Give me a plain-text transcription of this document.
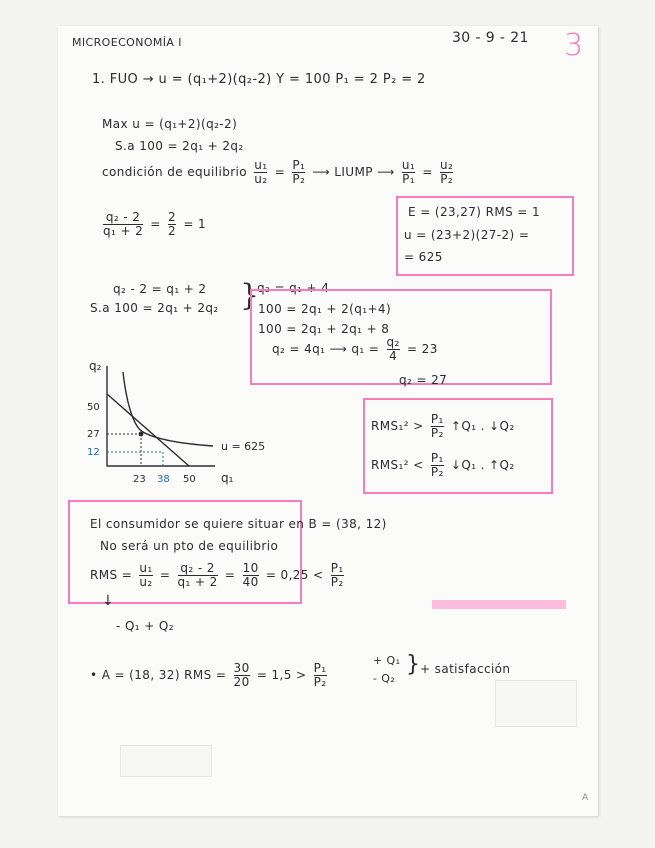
MICROECONOMÍA I	30 - 9 - 21 3
1. FUO → u = (q₁+2)(q₂-2) Y = 100 P₁ = 2 P₂ = 2
Max u = (q₁+2)(q₂-2)
S.a 100 = 2q₁ + 2q₂
condición de equilibrio $\frac{\text{u₁}}{\text{u₂}} = \frac{\text{P₁}}{\text{P₂}}$ ⟶ LIUMP ⟶ $\frac{\text{u₁}}{\text{P₁}} = \frac{\text{u₂}}{\text{P₂}}$
$\frac{\text{q₂ - 2}}{\text{q₁ + 2}} = \frac{2}{2} = 1$
E = (23,27) RMS = 1
u = (23+2)(27-2) =
= 625
q₂ - 2 = q₁ + 2
S.a 100 = 2q₁ + 2q₂ }
q₂ = q₁ + 4
100 = 2q₁ + 2(q₁+4)
100 = 2q₁ + 2q₁ + 8
q₂ = 4q₁ ⟶ $q_1 = \frac{\text{q₂}}{4} = 23$
q₂ = 27
q₂
q₁
50
27
12
23 38 50
u = 625
$RMS_1^2 > \frac{\text{P₁}}{\text{P₂}}$ ↑Q₁ . ↓Q₂
$RMS_1^2 < \frac{\text{P₁}}{\text{P₂}}$ ↓Q₁ . ↑Q₂
El consumidor se quiere situar en B = (38, 12)
No será un pto de equilibrio
RMS = $\frac{\text{u₁}}{\text{u₂}} = \frac{\text{q₂ - 2}}{\text{q₁ + 2}} = \frac{10}{40} = 0,25 < \frac{\text{P₁}}{\text{P₂}}$
↓
- Q₁ + Q₂
• A = (18, 32) RMS = $\frac{30}{20} = 1,5 > \frac{\text{P₁}}{\text{P₂}}$
+ Q₁
- Q₂
} + satisfacción
A
